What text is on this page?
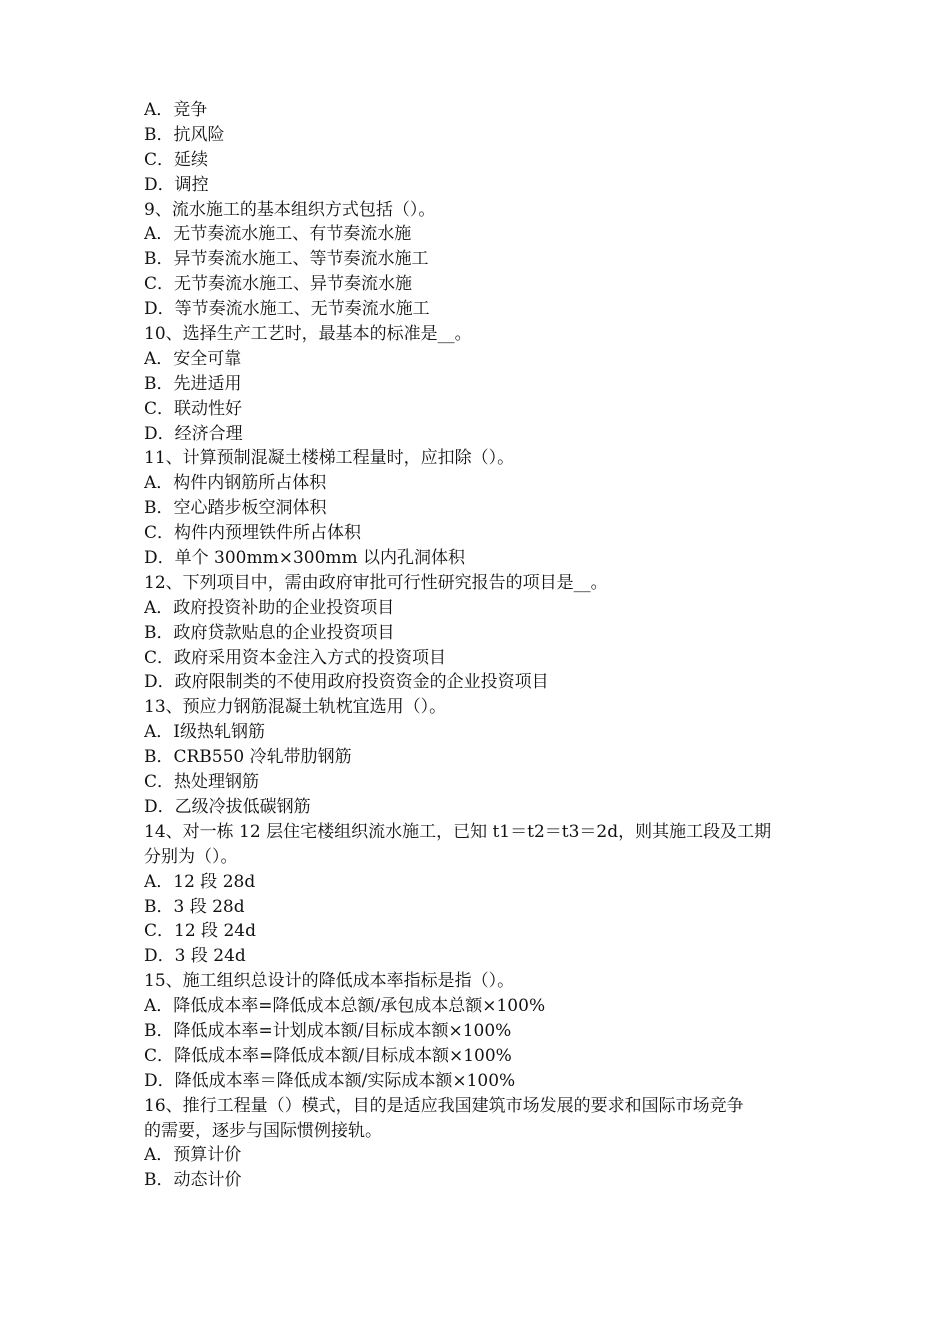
A．竞争
B．抗风险
C．延续
D．调控
9、流水施工的基本组织方式包括（）。
A．无节奏流水施工、有节奏流水施
B．异节奏流水施工、等节奏流水施工
C．无节奏流水施工、异节奏流水施
D．等节奏流水施工、无节奏流水施工
10、选择生产工艺时，最基本的标准是__。
A．安全可靠
B．先进适用
C．联动性好
D．经济合理
11、计算预制混凝土楼梯工程量时，应扣除（）。
A．构件内钢筋所占体积
B．空心踏步板空洞体积
C．构件内预埋铁件所占体积
D．单个 300mm×300mm 以内孔洞体积
12、下列项目中，需由政府审批可行性研究报告的项目是__。
A．政府投资补助的企业投资项目
B．政府贷款贴息的企业投资项目
C．政府采用资本金注入方式的投资项目
D．政府限制类的不使用政府投资资金的企业投资项目
13、预应力钢筋混凝土轨枕宜选用（）。
A．Ⅰ级热轧钢筋
B．CRB550 冷轧带肋钢筋
C．热处理钢筋
D．乙级冷拔低碳钢筋
14、对一栋 12 层住宅楼组织流水施工，已知 t1＝t2＝t3＝2d，则其施工段及工期
分别为（）。
A．12 段 28d
B．3 段 28d
C．12 段 24d
D．3 段 24d
15、施工组织总设计的降低成本率指标是指（）。
A．降低成本率=降低成本总额/承包成本总额×100%
B．降低成本率=计划成本额/目标成本额×100%
C．降低成本率=降低成本额/目标成本额×100%
D．降低成本率＝降低成本额/实际成本额×100%
16、推行工程量（）模式，目的是适应我国建筑市场发展的要求和国际市场竞争
的需要，逐步与国际惯例接轨。
A．预算计价
B．动态计价
